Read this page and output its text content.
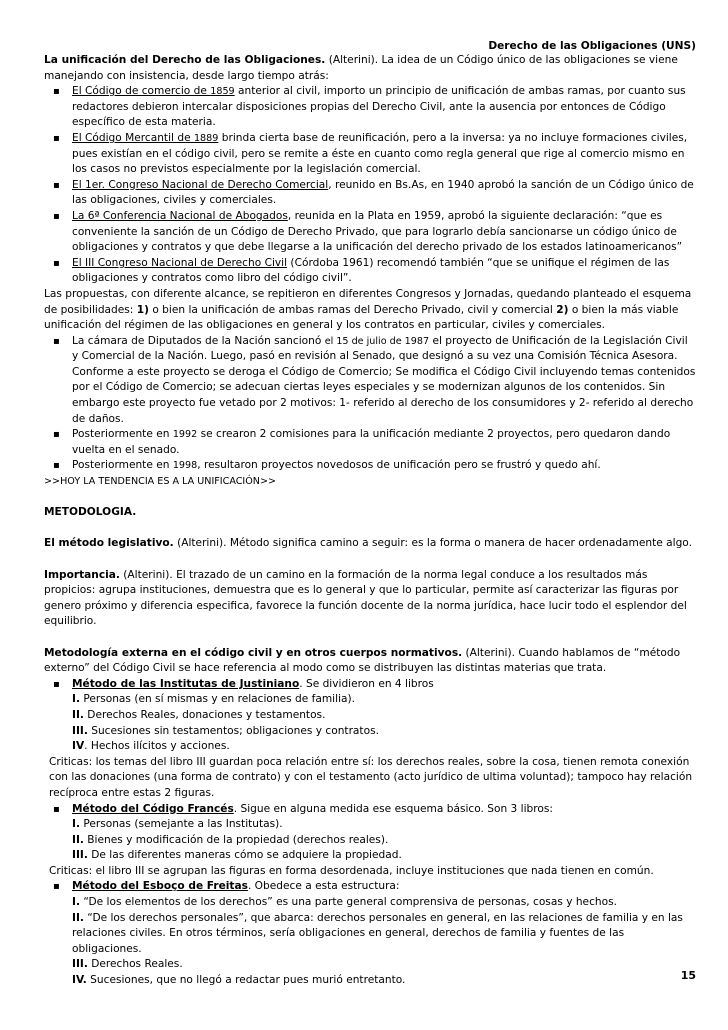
Derecho de las Obligaciones (UNS)

La unificación del Derecho de las Obligaciones. (Alterini). La idea de un Código único de las obligaciones se viene manejando con insistencia, desde largo tiempo atrás:

▪ El Código de comercio de 1859 anterior al civil, importo un principio de unificación de ambas ramas, por cuanto sus redactores debieron intercalar disposiciones propias del Derecho Civil, ante la ausencia por entonces de Código específico de esta materia.
▪ El Código Mercantil de 1889 brinda cierta base de reunificación, pero a la inversa: ya no incluye formaciones civiles, pues existían en el código civil, pero se remite a éste en cuanto como regla general que rige al comercio mismo en los casos no previstos especialmente por la legislación comercial.
▪ El 1er. Congreso Nacional de Derecho Comercial, reunido en Bs.As, en 1940 aprobó la sanción de un Código único de las obligaciones, civiles y comerciales.
▪ La 6ª Conferencia Nacional de Abogados, reunida en la Plata en 1959, aprobó la siguiente declaración: “que es conveniente la sanción de un Código de Derecho Privado, que para lograrlo debía sancionarse un código único de obligaciones y contratos y que debe llegarse a la unificación del derecho privado de los estados latinoamericanos”
▪ El III Congreso Nacional de Derecho Civil (Córdoba 1961) recomendó también “que se unifique el régimen de las obligaciones y contratos como libro del código civil”.

Las propuestas, con diferente alcance, se repitieron en diferentes Congresos y Jornadas, quedando planteado el esquema de posibilidades: 1) o bien la unificación de ambas ramas del Derecho Privado, civil y comercial 2) o bien la más viable unificación del régimen de las obligaciones en general y los contratos en particular, civiles y comerciales.

▪ La cámara de Diputados de la Nación sancionó el 15 de julio de 1987 el proyecto de Unificación de la Legislación Civil y Comercial de la Nación. Luego, pasó en revisión al Senado, que designó a su vez una Comisión Técnica Asesora. Conforme a este proyecto se deroga el Código de Comercio; Se modifica el Código Civil incluyendo temas contenidos por el Código de Comercio; se adecuan ciertas leyes especiales y se modernizan algunos de los contenidos. Sin embargo este proyecto fue vetado por 2 motivos: 1- referido al derecho de los consumidores y 2- referido al derecho de daños.
▪ Posteriormente en 1992 se crearon 2 comisiones para la unificación mediante 2 proyectos, pero quedaron dando vuelta en el senado.
▪ Posteriormente en 1998, resultaron proyectos novedosos de unificación pero se frustró y quedo ahí.

>>HOY LA TENDENCIA ES A LA UNIFICACIÓN>>

METODOLOGIA.

El método legislativo. (Alterini). Método significa camino a seguir: es la forma o manera de hacer ordenadamente algo.

Importancia. (Alterini). El trazado de un camino en la formación de la norma legal conduce a los resultados más propicios: agrupa instituciones, demuestra que es lo general y que lo particular, permite así caracterizar las figuras por genero próximo y diferencia especifica, favorece la función docente de la norma jurídica, hace lucir todo el esplendor del equilibrio.

Metodología externa en el código civil y en otros cuerpos normativos. (Alterini). Cuando hablamos de “método externo” del Código Civil se hace referencia al modo como se distribuyen las distintas materias que trata.

▪ Método de las Institutas de Justiniano. Se dividieron en 4 libros

I. Personas (en sí mismas y en relaciones de familia).

II. Derechos Reales, donaciones y testamentos.

III. Sucesiones sin testamentos; obligaciones y contratos.

IV. Hechos ilícitos y acciones.

Criticas: los temas del libro III guardan poca relación entre sí: los derechos reales, sobre la cosa, tienen remota conexión con las donaciones (una forma de contrato) y con el testamento (acto jurídico de ultima voluntad); tampoco hay relación recíproca entre estas 2 figuras.

▪ Método del Código Francés. Sigue en alguna medida ese esquema básico. Son 3 libros:

I. Personas (semejante a las Institutas).

II. Bienes y modificación de la propiedad (derechos reales).

III. De las diferentes maneras cómo se adquiere la propiedad.

Criticas: el libro III se agrupan las figuras en forma desordenada, incluye instituciones que nada tienen en común.

▪ Método del Esboço de Freitas. Obedece a esta estructura:

I. “De los elementos de los derechos” es una parte general comprensiva de personas, cosas y hechos.

II. “De los derechos personales”, que abarca: derechos personales en general, en las relaciones de familia y en las relaciones civiles. En otros términos, sería obligaciones en general, derechos de familia y fuentes de las obligaciones.

III. Derechos Reales.

IV. Sucesiones, que no llegó a redactar pues murió entretanto.	15
